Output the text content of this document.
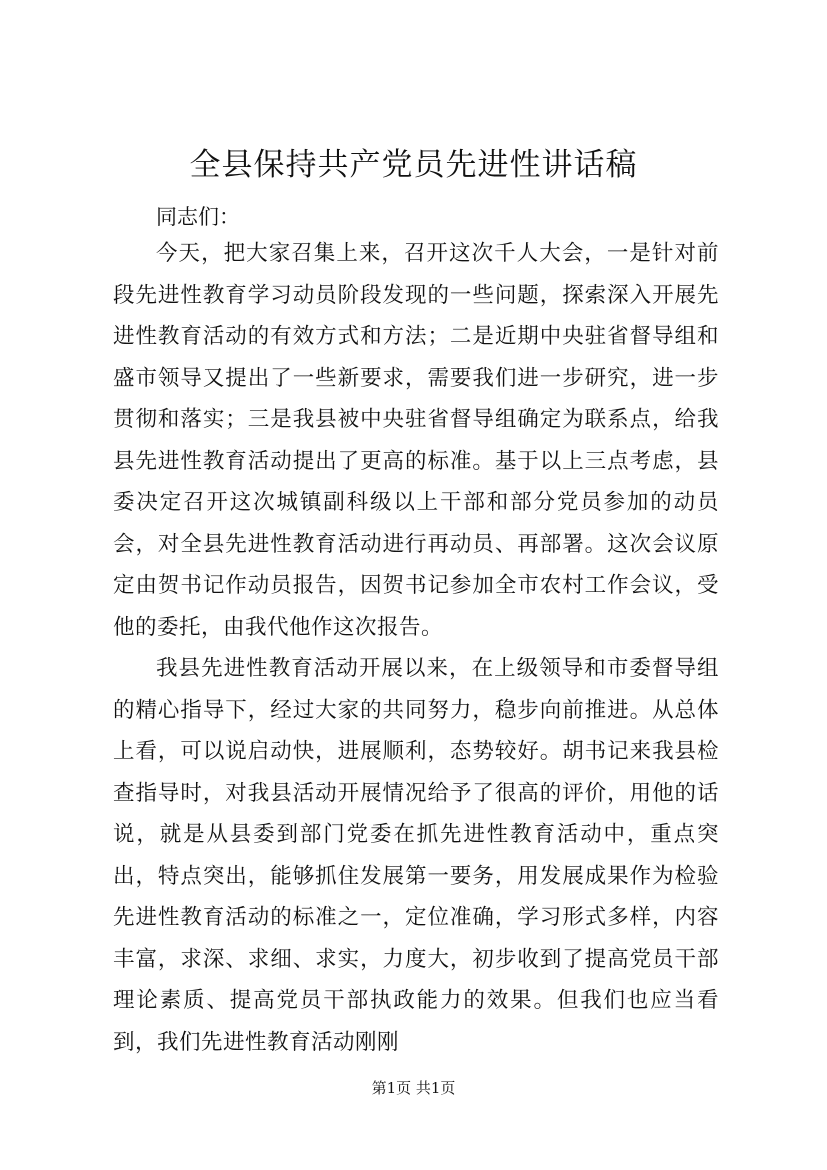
全县保持共产党员先进性讲话稿

同志们：

今天，把大家召集上来，召开这次千人大会，一是针对前段先进性教育学习动员阶段发现的一些问题，探索深入开展先进性教育活动的有效方式和方法；二是近期中央驻省督导组和盛市领导又提出了一些新要求，需要我们进一步研究，进一步贯彻和落实；三是我县被中央驻省督导组确定为联系点，给我县先进性教育活动提出了更高的标准。基于以上三点考虑，县委决定召开这次城镇副科级以上干部和部分党员参加的动员会，对全县先进性教育活动进行再动员、再部署。这次会议原定由贺书记作动员报告，因贺书记参加全市农村工作会议，受他的委托，由我代他作这次报告。

我县先进性教育活动开展以来，在上级领导和市委督导组的精心指导下，经过大家的共同努力，稳步向前推进。从总体上看，可以说启动快，进展顺利，态势较好。胡书记来我县检查指导时，对我县活动开展情况给予了很高的评价，用他的话说，就是从县委到部门党委在抓先进性教育活动中，重点突出，特点突出，能够抓住发展第一要务，用发展成果作为检验先进性教育活动的标准之一，定位准确，学习形式多样，内容丰富，求深、求细、求实，力度大，初步收到了提高党员干部理论素质、提高党员干部执政能力的效果。但我们也应当看到，我们先进性教育活动刚刚

第1页 共1页
